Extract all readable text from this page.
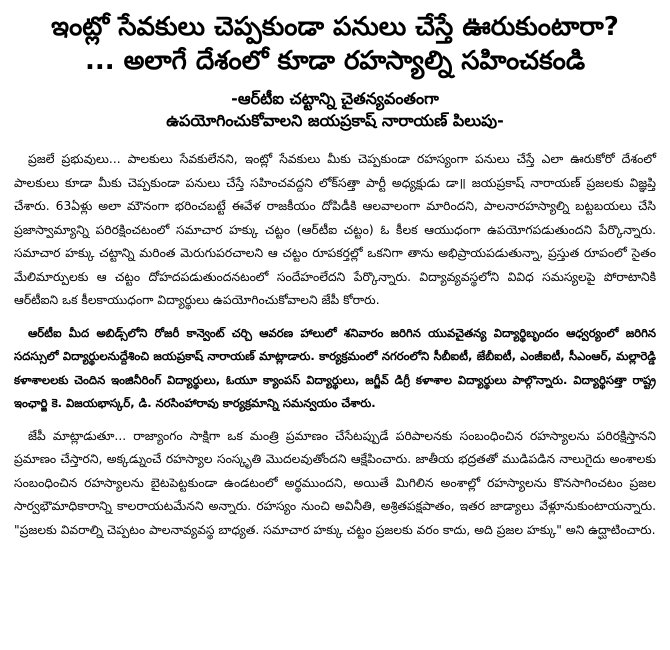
ఇంట్లో సేవకులు చెప్పకుండా పనులు చేస్తే ఊరుకుంటారా?
... అలాగే దేశంలో కూడా రహస్యాల్ని సహించకండి
-ఆర్‌టీఐ చట్టాన్ని చైతన్యవంతంగా
ఉపయోగించుకోవాలని జయప్రకాష్ నారాయణ్ పిలుపు-

ప్రజలే ప్రభువులు... పాలకులు సేవకులేనని, ఇంట్లో సేవకులు మీకు చెప్పకుండా రహస్యంగా పనులు చేస్తే ఎలా ఊరుకోరో దేశంలో పాలకులు కూడా మీకు చెప్పకుండా పనులు చేస్తే సహించవద్దని లోక్‌సత్తా పార్టీ అధ్యక్షుడు డా॥ జయప్రకాష్ నారాయణ్ ప్రజలకు విజ్ఞప్తి చేశారు. 63ఏళ్లు అలా మౌనంగా భరించబట్టే ఈవేళ రాజకీయం దోపిడీకి ఆలవాలంగా మారిందని, పాలనారహస్యాల్ని బట్టబయలు చేసి ప్రజాస్వామ్యాన్ని పరిరక్షించటంలో సమాచార హక్కు చట్టం (ఆర్‌టీఐ చట్టం) ఓ కీలక ఆయుధంగా ఉపయోగపడుతుందని పేర్కొన్నారు. సమాచార హక్కు చట్టాన్ని మరింత మెరుగుపరచాలని ఆ చట్టం రూపకర్తల్లో ఒకనిగా తాను అభిప్రాయపడుతున్నా, ప్రస్తుత రూపంలో సైతం మేలిమార్పులకు ఆ చట్టం దోహదపడుతుందనటంలో సందేహంలేదని పేర్కొన్నారు. విద్యావ్యవస్థలోని వివిధ సమస్యలపై పోరాటానికి ఆర్‌టీఐని ఒక కీలకాయుధంగా విద్యార్థులు ఉపయోగించుకోవాలని జేపీ కోరారు.

ఆర్‌టీఐ మీద అబిడ్స్‌లోని రోజరీ కాన్వెంట్ చర్చి ఆవరణ హాలులో శనివారం జరిగిన యువచైతన్య విద్యార్థిబృందం ఆధ్వర్యంలో జరిగిన సదస్సులో విద్యార్థులనుద్దేశించి జయప్రకాష్ నారాయణ్ మాట్లాడారు. కార్యక్రమంలో నగరంలోని సీబీఐటీ, జేబీఐటీ, ఎంజీఐటీ, సీఎంఆర్, మల్లారెడ్డి కళాశాలలకు చెందిన ఇంజినీరింగ్ విద్యార్థులు, ఓయూ క్యాంపస్ విద్యార్థులు, జగ్జీవ్ డిగ్రీ కళాశాల విద్యార్థులు పాల్గొన్నారు. విద్యార్థిసత్తా రాష్ట్ర ఇంఛార్జి కె. విజయభాస్కర్, డి. నరసింహారావు కార్యక్రమాన్ని సమన్వయం చేశారు.

జేపీ మాట్లాడుతూ... రాజ్యాంగం సాక్షిగా ఒక మంత్రి ప్రమాణం చేసేటప్పుడే పరిపాలనకు సంబంధించిన రహస్యాలను పరిరక్షిస్తానని ప్రమాణం చేస్తారని, అక్కడ్నుంచే రహస్యాల సంస్కృతి మొదలవుతోందని ఆక్షేపించారు. జాతీయ భద్రతతో ముడిపడిన నాలుగైదు అంశాలకు సంబంధించిన రహస్యాలను బైటపెట్టకుండా ఉండటంలో అర్థముందని, అయితే మిగిలిన అంశాల్లో రహస్యాలను కొనసాగించటం ప్రజల సార్వభౌమాధికారాన్ని కాలరాయటమేనని అన్నారు. రహస్యం నుంచి అవినీతి, అశ్రితపక్షపాతం, ఇతర జాడ్యాలు వేళ్లూనుకుంటాయన్నారు. "ప్రజలకు వివరాల్ని చెప్పటం పాలనావ్యవస్థ బాధ్యత. సమాచార హక్కు చట్టం ప్రజలకు వరం కాదు, అది ప్రజల హక్కు" అని ఉద్ఘాటించారు.
